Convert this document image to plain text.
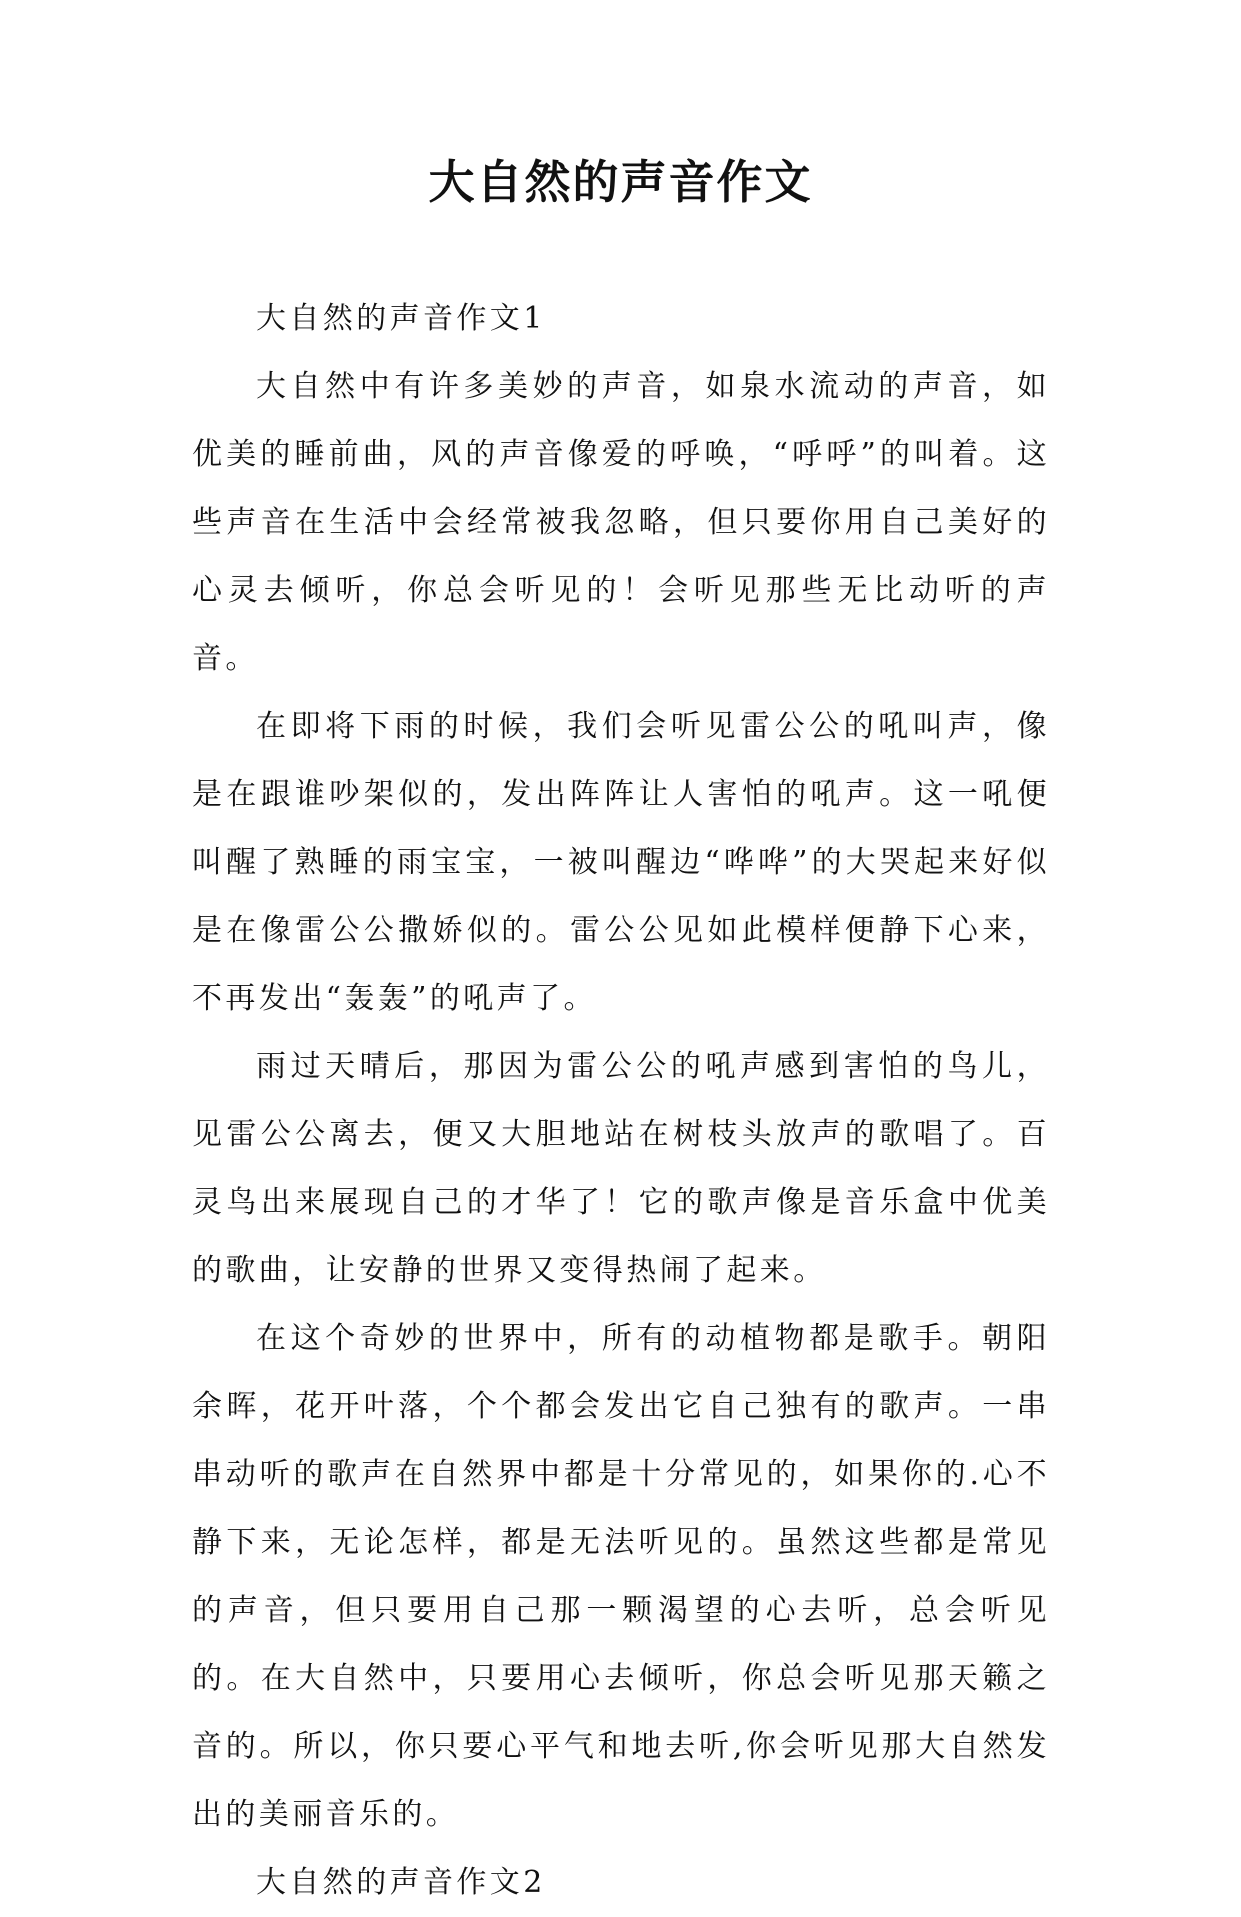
大自然的声音作文

大自然的声音作文1

大自然中有许多美妙的声音，如泉水流动的声音，如优美的睡前曲，风的声音像爱的呼唤，“呼呼”的叫着。这些声音在生活中会经常被我忽略，但只要你用自己美好的心灵去倾听，你总会听见的！会听见那些无比动听的声音。

在即将下雨的时候，我们会听见雷公公的吼叫声，像是在跟谁吵架似的，发出阵阵让人害怕的吼声。这一吼便叫醒了熟睡的雨宝宝，一被叫醒边“哗哗”的大哭起来好似是在像雷公公撒娇似的。雷公公见如此模样便静下心来，不再发出“轰轰”的吼声了。

雨过天晴后，那因为雷公公的吼声感到害怕的鸟儿，见雷公公离去，便又大胆地站在树枝头放声的歌唱了。百灵鸟出来展现自己的才华了！它的歌声像是音乐盒中优美的歌曲，让安静的世界又变得热闹了起来。

在这个奇妙的世界中，所有的动植物都是歌手。朝阳余晖，花开叶落，个个都会发出它自己独有的歌声。一串串动听的歌声在自然界中都是十分常见的，如果你的.心不静下来，无论怎样，都是无法听见的。虽然这些都是常见的声音，但只要用自己那一颗渴望的心去听，总会听见的。在大自然中，只要用心去倾听，你总会听见那天籁之音的。所以，你只要心平气和地去听,你会听见那大自然发出的美丽音乐的。

大自然的声音作文2
